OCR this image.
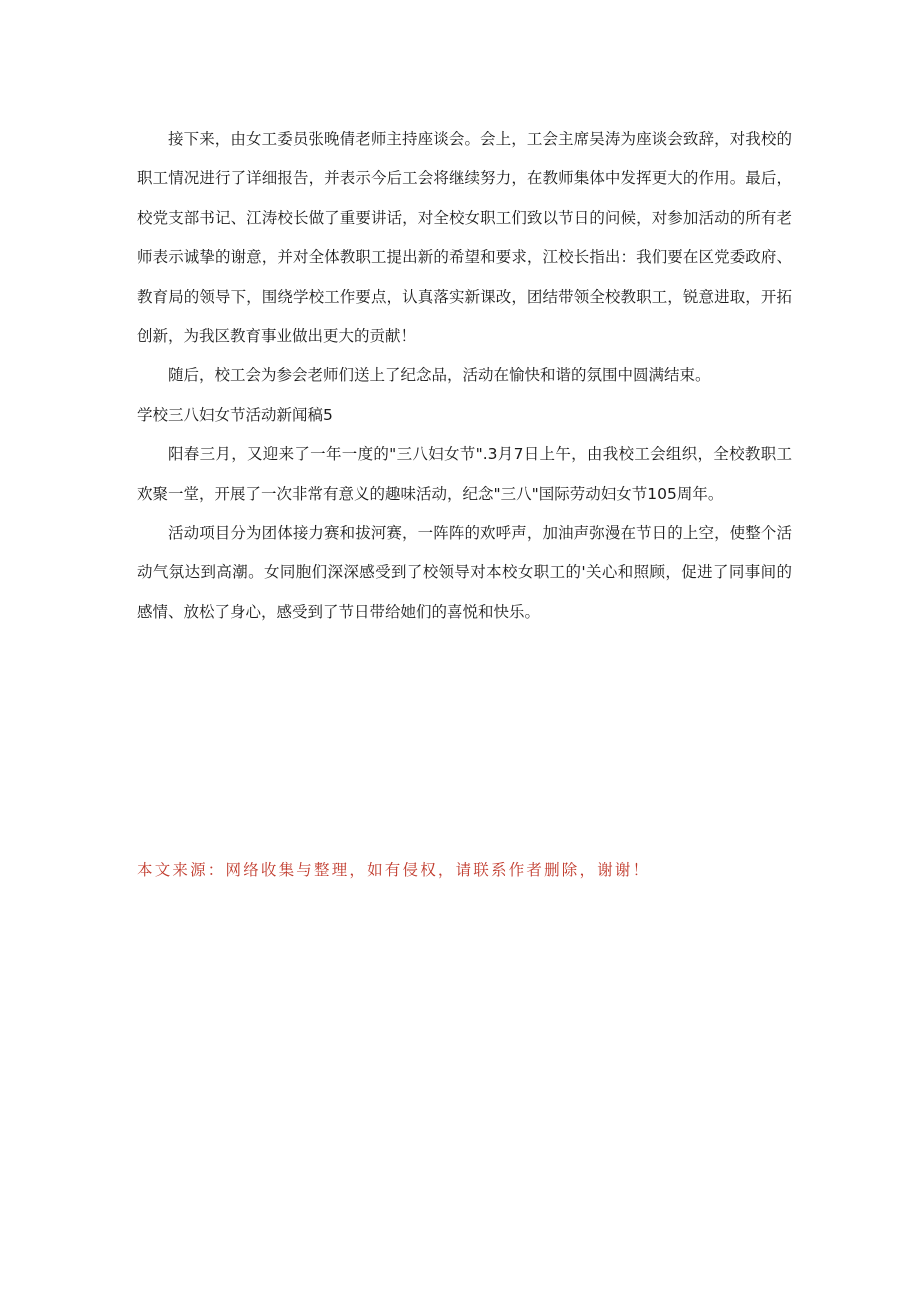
接下来，由女工委员张晚倩老师主持座谈会。会上，工会主席吴涛为座谈会致辞，对我校的职工情况进行了详细报告，并表示今后工会将继续努力，在教师集体中发挥更大的作用。最后，校党支部书记、江涛校长做了重要讲话，对全校女职工们致以节日的问候，对参加活动的所有老师表示诚挚的谢意，并对全体教职工提出新的希望和要求，江校长指出：我们要在区党委政府、教育局的领导下，围绕学校工作要点，认真落实新课改，团结带领全校教职工，锐意进取，开拓创新，为我区教育事业做出更大的贡献！

随后，校工会为参会老师们送上了纪念品，活动在愉快和谐的氛围中圆满结束。

学校三八妇女节活动新闻稿5

阳春三月，又迎来了一年一度的"三八妇女节".3月7日上午，由我校工会组织，全校教职工欢聚一堂，开展了一次非常有意义的趣味活动，纪念"三八"国际劳动妇女节105周年。

活动项目分为团体接力赛和拔河赛，一阵阵的欢呼声，加油声弥漫在节日的上空，使整个活动气氛达到高潮。女同胞们深深感受到了校领导对本校女职工的'关心和照顾，促进了同事间的感情、放松了身心，感受到了节日带给她们的喜悦和快乐。

本文来源：网络收集与整理，如有侵权，请联系作者删除，谢谢！
